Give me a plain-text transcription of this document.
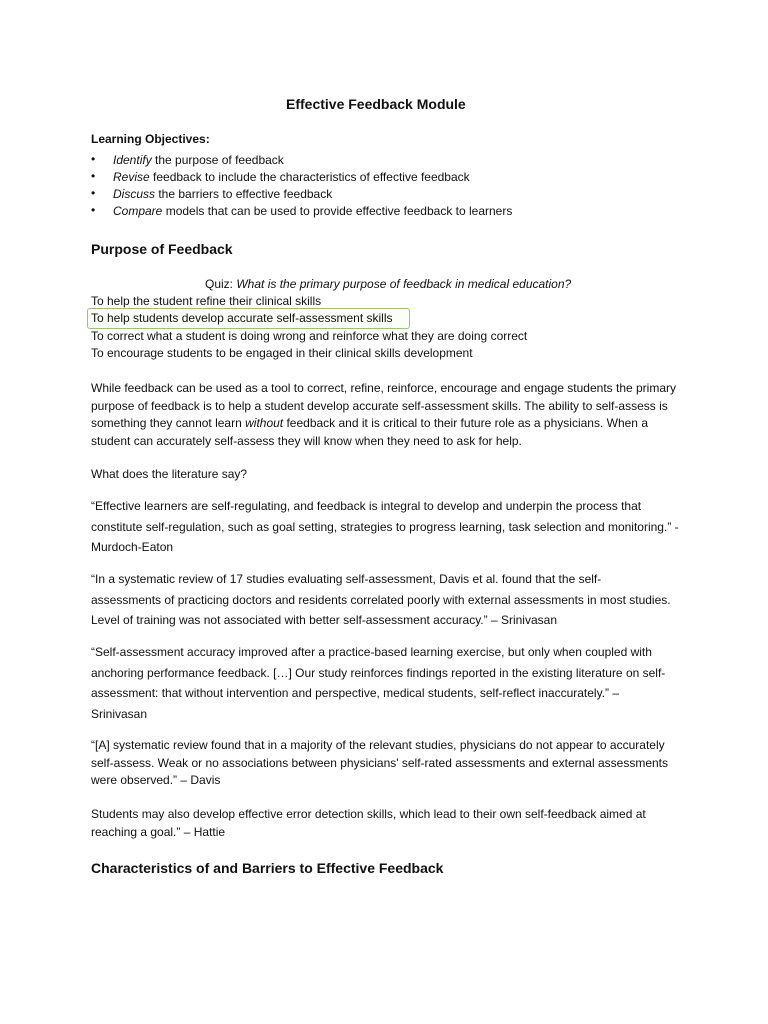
Effective Feedback Module
Learning Objectives:
• Identify the purpose of feedback
• Revise feedback to include the characteristics of effective feedback
• Discuss the barriers to effective feedback
• Compare models that can be used to provide effective feedback to learners
Purpose of Feedback
Quiz: What is the primary purpose of feedback in medical education?
To help the student refine their clinical skills
To help students develop accurate self-assessment skills
To correct what a student is doing wrong and reinforce what they are doing correct
To encourage students to be engaged in their clinical skills development
While feedback can be used as a tool to correct, refine, reinforce, encourage and engage students the primary purpose of feedback is to help a student develop accurate self-assessment skills. The ability to self-assess is something they cannot learn without feedback and it is critical to their future role as a physicians. When a student can accurately self-assess they will know when they need to ask for help.
What does the literature say?
“Effective learners are self-regulating, and feedback is integral to develop and underpin the process that constitute self-regulation, such as goal setting, strategies to progress learning, task selection and monitoring.” - Murdoch-Eaton
“In a systematic review of 17 studies evaluating self-assessment, Davis et al. found that the self-assessments of practicing doctors and residents correlated poorly with external assessments in most studies. Level of training was not associated with better self-assessment accuracy.” – Srinivasan
“Self-assessment accuracy improved after a practice-based learning exercise, but only when coupled with anchoring performance feedback. […] Our study reinforces findings reported in the existing literature on self-assessment: that without intervention and perspective, medical students, self-reflect inaccurately.” – Srinivasan
“[A] systematic review found that in a majority of the relevant studies, physicians do not appear to accurately self-assess. Weak or no associations between physicians' self-rated assessments and external assessments were observed.” – Davis
Students may also develop effective error detection skills, which lead to their own self-feedback aimed at reaching a goal.” – Hattie
Characteristics of and Barriers to Effective Feedback
